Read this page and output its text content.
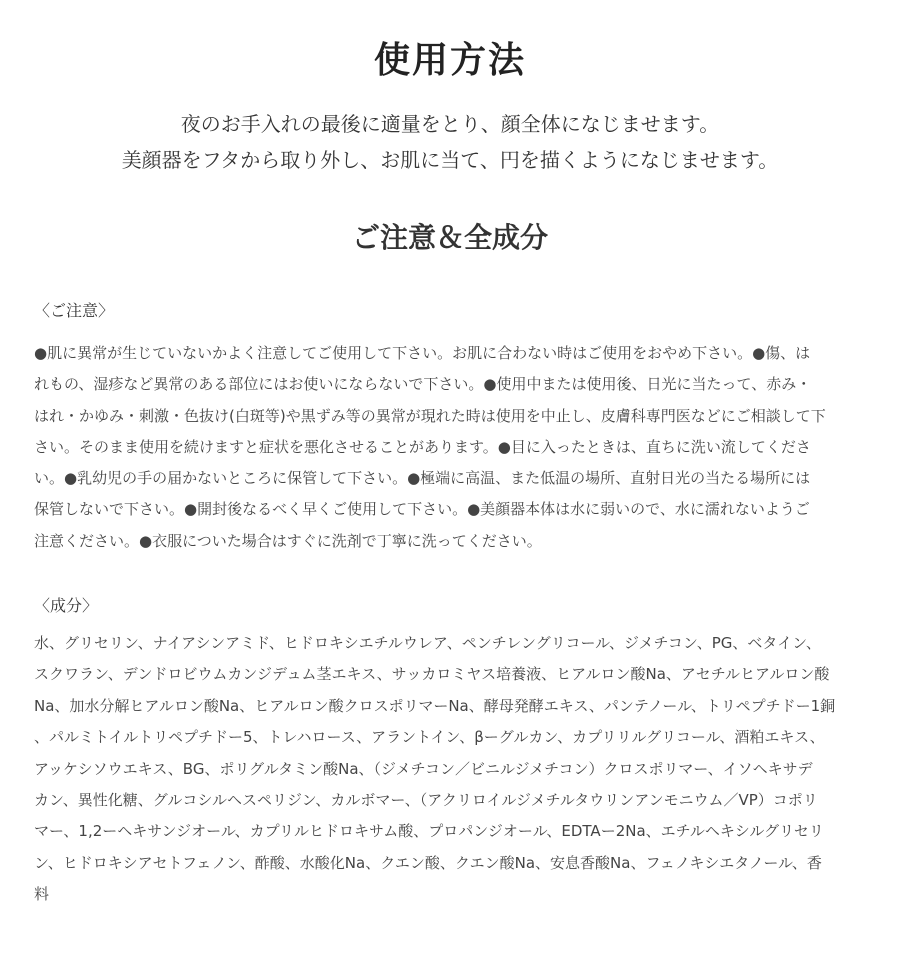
使用方法
夜のお手入れの最後に適量をとり、顔全体になじませます。
美顔器をフタから取り外し、お肌に当て、円を描くようになじませます。
ご注意＆全成分
〈ご注意〉
●肌に異常が生じていないかよく注意してご使用して下さい。お肌に合わない時はご使用をおやめ下さい。●傷、は
れもの、湿疹など異常のある部位にはお使いにならないで下さい。●使用中または使用後、日光に当たって、赤み・
はれ・かゆみ・刺激・色抜け(白斑等)や黒ずみ等の異常が現れた時は使用を中止し、皮膚科専門医などにご相談して下
さい。そのまま使用を続けますと症状を悪化させることがあります。●目に入ったときは、直ちに洗い流してくださ
い。●乳幼児の手の届かないところに保管して下さい。●極端に高温、また低温の場所、直射日光の当たる場所には
保管しないで下さい。●開封後なるべく早くご使用して下さい。●美顔器本体は水に弱いので、水に濡れないようご
注意ください。●衣服についた場合はすぐに洗剤で丁寧に洗ってください。
〈成分〉
水、グリセリン、ナイアシンアミド、ヒドロキシエチルウレア、ペンチレングリコール、ジメチコン、PG、ベタイン、
スクワラン、デンドロビウムカンジデュム茎エキス、サッカロミヤス培養液、ヒアルロン酸Na、アセチルヒアルロン酸
Na、加水分解ヒアルロン酸Na、ヒアルロン酸クロスポリマーNa、酵母発酵エキス、パンテノール、トリペプチドー1銅
、パルミトイルトリペプチドー5、トレハロース、アラントイン、βーグルカン、カプリリルグリコール、酒粕エキス、
アッケシソウエキス、BG、ポリグルタミン酸Na、（ジメチコン／ビニルジメチコン）クロスポリマー、イソヘキサデ
カン、異性化糖、グルコシルヘスペリジン、カルボマー、（アクリロイルジメチルタウリンアンモニウム／VP）コポリ
マー、1,2ーヘキサンジオール、カプリルヒドロキサム酸、プロパンジオール、EDTAー2Na、エチルヘキシルグリセリ
ン、ヒドロキシアセトフェノン、酢酸、水酸化Na、クエン酸、クエン酸Na、安息香酸Na、フェノキシエタノール、香
料
